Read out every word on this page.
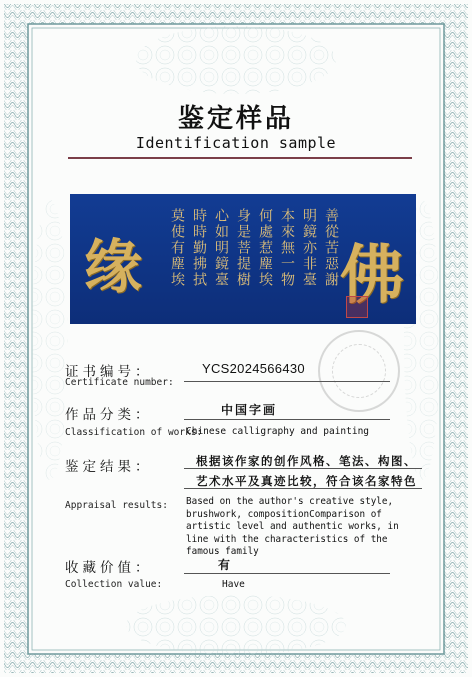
鉴定样品
Identification sample
缘	善從苦惡謝
明鏡亦非臺
本來無一物
何處惹塵埃
身是菩提樹
心如明鏡臺
時時勤拂拭
莫使有塵埃 佛
证书编号：
Certificate number:
YCS2024566430
作品分类：
Classification of works:
中国字画
Chinese calligraphy and painting
鉴定结果：
Appraisal results:
根据该作家的创作风格、笔法、构图、艺术水平及真迹比较，符合该名家特色
Based on the author's creative style, brushwork, compositionComparison of artistic level and authentic works, in line with the characteristics of the famous family
收藏价值：
Collection value:
有
Have
